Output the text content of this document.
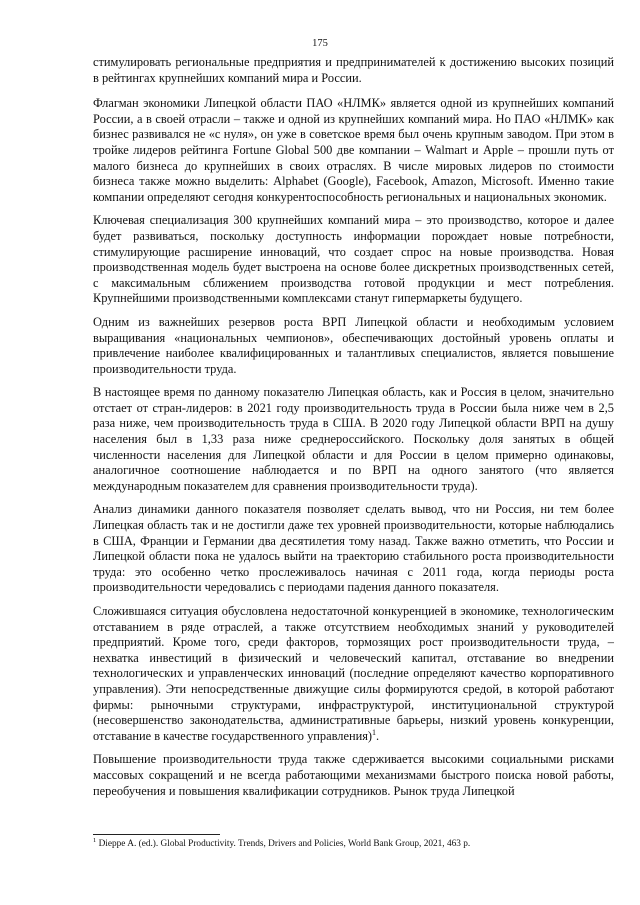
175

стимулировать региональные предприятия и предпринимателей к достижению высоких позиций в рейтингах крупнейших компаний мира и России.

Флагман экономики Липецкой области ПАО «НЛМК» является одной из крупнейших компаний России, а в своей отрасли – также и одной из крупнейших компаний мира. Но ПАО «НЛМК» как бизнес развивался не «с нуля», он уже в советское время был очень крупным заводом. При этом в тройке лидеров рейтинга Fortune Global 500 две компании – Walmart и Apple – прошли путь от малого бизнеса до крупнейших в своих отраслях. В числе мировых лидеров по стоимости бизнеса также можно выделить: Alphabet (Google), Facebook, Amazon, Microsoft. Именно такие компании определяют сегодня конкурентоспособность региональных и национальных экономик.

Ключевая специализация 300 крупнейших компаний мира – это производство, которое и далее будет развиваться, поскольку доступность информации порождает новые потребности, стимулирующие расширение инноваций, что создает спрос на новые производства. Новая производственная модель будет выстроена на основе более дискретных производственных сетей, с максимальным сближением производства готовой продукции и мест потребления. Крупнейшими производственными комплексами станут гипермаркеты будущего.

Одним из важнейших резервов роста ВРП Липецкой области и необходимым условием выращивания «национальных чемпионов», обеспечивающих достойный уровень оплаты и привлечение наиболее квалифицированных и талантливых специалистов, является повышение производительности труда.

В настоящее время по данному показателю Липецкая область, как и Россия в целом, значительно отстает от стран-лидеров: в 2021 году производительность труда в России была ниже чем в 2,5 раза ниже, чем производительность труда в США. В 2020 году Липецкой области ВРП на душу населения был в 1,33 раза ниже среднероссийского. Поскольку доля занятых в общей численности населения для Липецкой области и для России в целом примерно одинаковы, аналогичное соотношение наблюдается и по ВРП на одного занятого (что является международным показателем для сравнения производительности труда).

Анализ динамики данного показателя позволяет сделать вывод, что ни Россия, ни тем более Липецкая область так и не достигли даже тех уровней производительности, которые наблюдались в США, Франции и Германии два десятилетия тому назад. Также важно отметить, что России и Липецкой области пока не удалось выйти на траекторию стабильного роста производительности труда: это особенно четко прослеживалось начиная с 2011 года, когда периоды роста производительности чередовались с периодами падения данного показателя.

Сложившаяся ситуация обусловлена недостаточной конкуренцией в экономике, технологическим отставанием в ряде отраслей, а также отсутствием необходимых знаний у руководителей предприятий. Кроме того, среди факторов, тормозящих рост производительности труда, – нехватка инвестиций в физический и человеческий капитал, отставание во внедрении технологических и управленческих инноваций (последние определяют качество корпоративного управления). Эти непосредственные движущие силы формируются средой, в которой работают фирмы: рыночными структурами, инфраструктурой, институциональной структурой (несовершенство законодательства, административные барьеры, низкий уровень конкуренции, отставание в качестве государственного управления)$^1$.

Повышение производительности труда также сдерживается высокими социальными рисками массовых сокращений и не всегда работающими механизмами быстрого поиска новой работы, переобучения и повышения квалификации сотрудников. Рынок труда Липецкой

$^1$ Dieppe A. (ed.). Global Productivity. Trends, Drivers and Policies, World Bank Group, 2021, 463 p.
